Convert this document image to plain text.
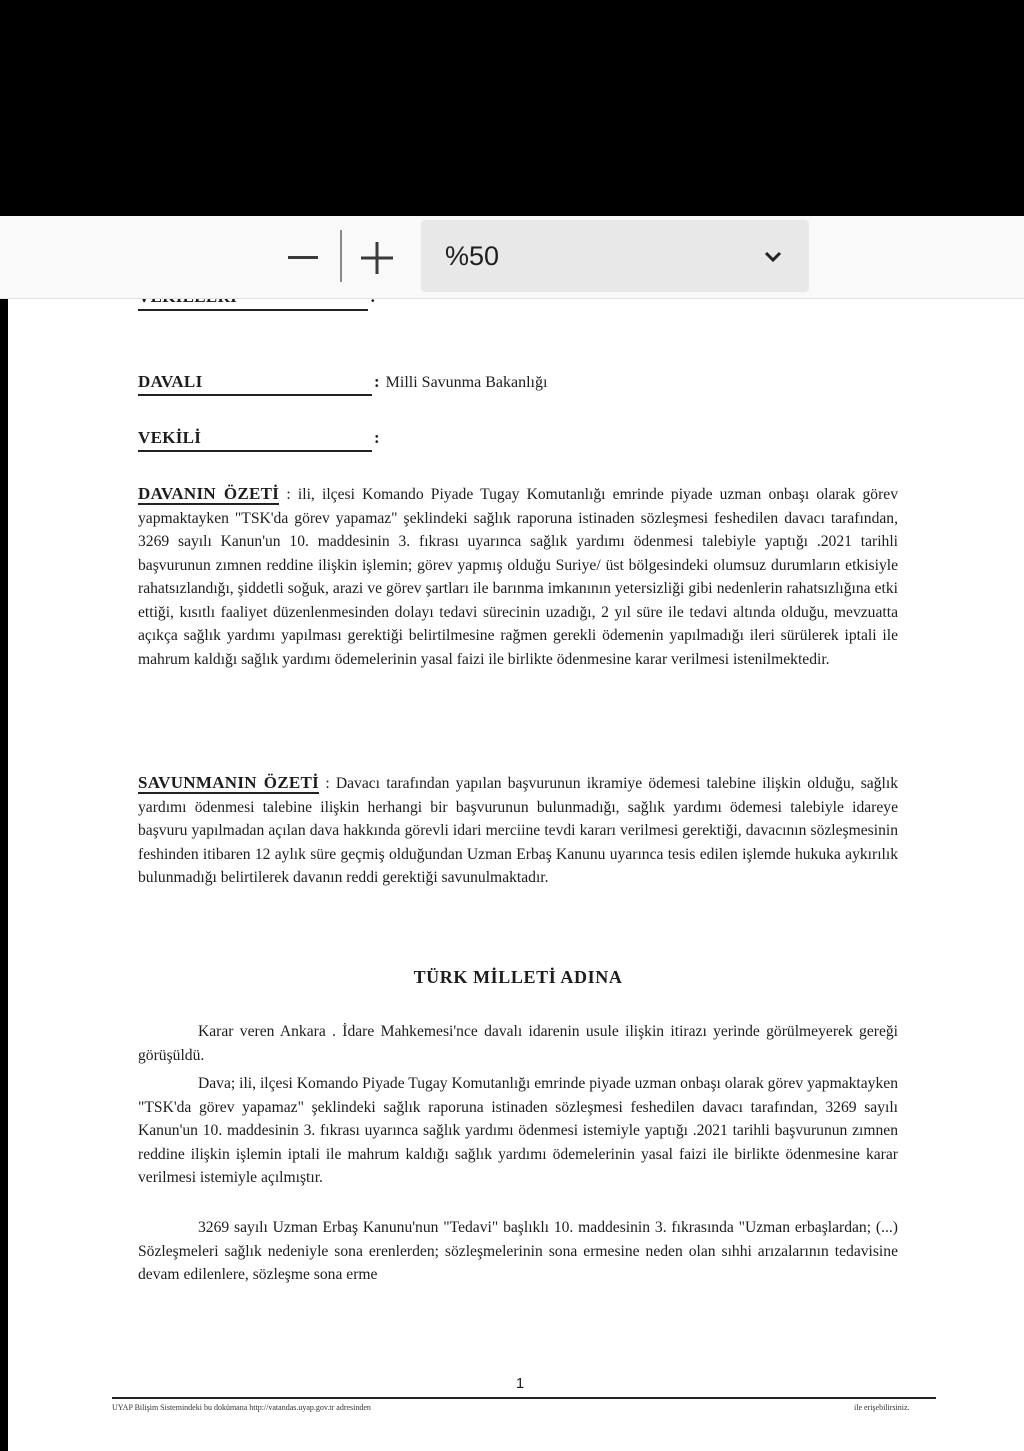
%50
DAVALI	: Milli Savunma Bakanlığı
VEKİLİ	:

DAVANIN ÖZETİ : ili, ilçesi Komando Piyade Tugay Komutanlığı emrinde piyade uzman onbaşı olarak görev yapmaktayken "TSK'da görev yapamaz" şeklindeki sağlık raporuna istinaden sözleşmesi feshedilen davacı tarafından, 3269 sayılı Kanun'un 10. maddesinin 3. fıkrası uyarınca sağlık yardımı ödenmesi talebiyle yaptığı .2021 tarihli başvurunun zımnen reddine ilişkin işlemin; görev yapmış olduğu Suriye/ üst bölgesindeki olumsuz durumların etkisiyle rahatsızlandığı, şiddetli soğuk, arazi ve görev şartları ile barınma imkanının yetersizliği gibi nedenlerin rahatsızlığına etki ettiği, kısıtlı faaliyet düzenlenmesinden dolayı tedavi sürecinin uzadığı, 2 yıl süre ile tedavi altında olduğu, mevzuatta açıkça sağlık yardımı yapılması gerektiği belirtilmesine rağmen gerekli ödemenin yapılmadığı ileri sürülerek iptali ile mahrum kaldığı sağlık yardımı ödemelerinin yasal faizi ile birlikte ödenmesine karar verilmesi istenilmektedir.

SAVUNMANIN ÖZETİ : Davacı tarafından yapılan başvurunun ikramiye ödemesi talebine ilişkin olduğu, sağlık yardımı ödenmesi talebine ilişkin herhangi bir başvurunun bulunmadığı, sağlık yardımı ödemesi talebiyle idareye başvuru yapılmadan açılan dava hakkında görevli idari merciine tevdi kararı verilmesi gerektiği, davacının sözleşmesinin feshinden itibaren 12 aylık süre geçmiş olduğundan Uzman Erbaş Kanunu uyarınca tesis edilen işlemde hukuka aykırılık bulunmadığı belirtilerek davanın reddi gerektiği savunulmaktadır.

TÜRK MİLLETİ ADINA

Karar veren Ankara . İdare Mahkemesi'nce davalı idarenin usule ilişkin itirazı yerinde görülmeyerek gereği görüşüldü.

Dava; ili, ilçesi Komando Piyade Tugay Komutanlığı emrinde piyade uzman onbaşı olarak görev yapmaktayken "TSK'da görev yapamaz" şeklindeki sağlık raporuna istinaden sözleşmesi feshedilen davacı tarafından, 3269 sayılı Kanun'un 10. maddesinin 3. fıkrası uyarınca sağlık yardımı ödenmesi istemiyle yaptığı .2021 tarihli başvurunun zımnen reddine ilişkin işlemin iptali ile mahrum kaldığı sağlık yardımı ödemelerinin yasal faizi ile birlikte ödenmesine karar verilmesi istemiyle açılmıştır.

3269 sayılı Uzman Erbaş Kanunu'nun "Tedavi" başlıklı 10. maddesinin 3. fıkrasında "Uzman erbaşlardan; (...) Sözleşmeleri sağlık nedeniyle sona erenlerden; sözleşmelerinin sona ermesine neden olan sıhhi arızalarının tedavisine devam edilenlere, sözleşme sona erme

1
UYAP Bilişim Sistemindeki bu dokümana http://vatandas.uyap.gov.tr adresinden	ile erişebilirsiniz.
